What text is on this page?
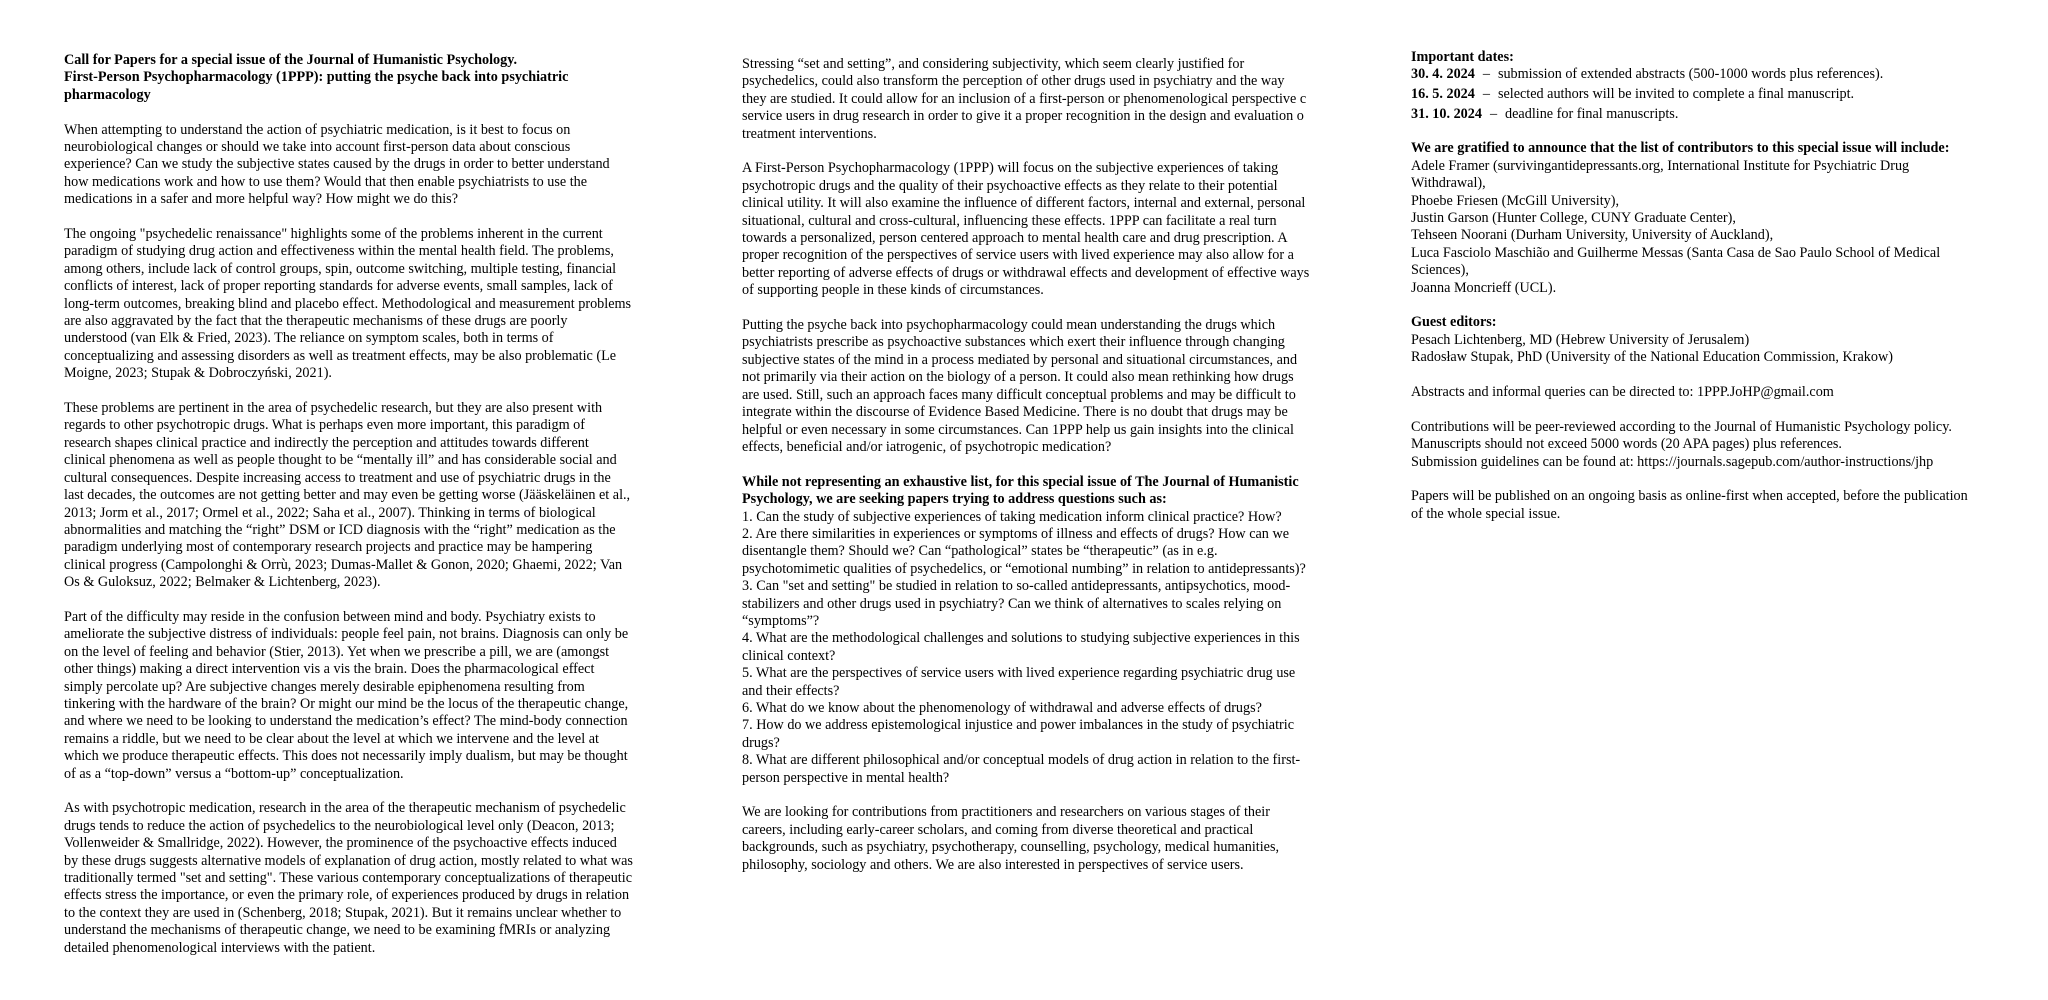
Call for Papers for a special issue of the Journal of Humanistic Psychology.

First-Person Psychopharmacology (1PPP): putting the psyche back into psychiatric
pharmacology

When attempting to understand the action of psychiatric medication, is it best to focus on
neurobiological changes or should we take into account first-person data about conscious
experience? Can we study the subjective states caused by the drugs in order to better understand
how medications work and how to use them? Would that then enable psychiatrists to use the
medications in a safer and more helpful way? How might we do this?

The ongoing "psychedelic renaissance" highlights some of the problems inherent in the current
paradigm of studying drug action and effectiveness within the mental health field. The problems,
among others, include lack of control groups, spin, outcome switching, multiple testing, financial
conflicts of interest, lack of proper reporting standards for adverse events, small samples, lack of
long-term outcomes, breaking blind and placebo effect. Methodological and measurement problems
are also aggravated by the fact that the therapeutic mechanisms of these drugs are poorly
understood (van Elk & Fried, 2023). The reliance on symptom scales, both in terms of
conceptualizing and assessing disorders as well as treatment effects, may be also problematic (Le
Moigne, 2023; Stupak & Dobroczyński, 2021).

These problems are pertinent in the area of psychedelic research, but they are also present with
regards to other psychotropic drugs. What is perhaps even more important, this paradigm of
research shapes clinical practice and indirectly the perception and attitudes towards different
clinical phenomena as well as people thought to be “mentally ill” and has considerable social and
cultural consequences. Despite increasing access to treatment and use of psychiatric drugs in the
last decades, the outcomes are not getting better and may even be getting worse (Jääskeläinen et al.,
2013; Jorm et al., 2017; Ormel et al., 2022; Saha et al., 2007). Thinking in terms of biological
abnormalities and matching the “right” DSM or ICD diagnosis with the “right” medication as the
paradigm underlying most of contemporary research projects and practice may be hampering
clinical progress (Campolonghi & Orrù, 2023; Dumas-Mallet & Gonon, 2020; Ghaemi, 2022; Van
Os & Guloksuz, 2022; Belmaker & Lichtenberg, 2023).

Part of the difficulty may reside in the confusion between mind and body. Psychiatry exists to
ameliorate the subjective distress of individuals: people feel pain, not brains. Diagnosis can only be
on the level of feeling and behavior (Stier, 2013). Yet when we prescribe a pill, we are (amongst
other things) making a direct intervention vis a vis the brain. Does the pharmacological effect
simply percolate up? Are subjective changes merely desirable epiphenomena resulting from
tinkering with the hardware of the brain? Or might our mind be the locus of the therapeutic change,
and where we need to be looking to understand the medication’s effect? The mind-body connection
remains a riddle, but we need to be clear about the level at which we intervene and the level at
which we produce therapeutic effects. This does not necessarily imply dualism, but may be thought
of as a “top-down” versus a “bottom-up” conceptualization.

As with psychotropic medication, research in the area of the therapeutic mechanism of psychedelic
drugs tends to reduce the action of psychedelics to the neurobiological level only (Deacon, 2013;
Vollenweider & Smallridge, 2022). However, the prominence of the psychoactive effects induced
by these drugs suggests alternative models of explanation of drug action, mostly related to what was
traditionally termed "set and setting". These various contemporary conceptualizations of therapeutic
effects stress the importance, or even the primary role, of experiences produced by drugs in relation
to the context they are used in (Schenberg, 2018; Stupak, 2021). But it remains unclear whether to
understand the mechanisms of therapeutic change, we need to be examining fMRIs or analyzing
detailed phenomenological interviews with the patient.

Stressing “set and setting”, and considering subjectivity, which seem clearly justified for
psychedelics, could also transform the perception of other drugs used in psychiatry and the way
they are studied. It could allow for an inclusion of a first-person or phenomenological perspective c
service users in drug research in order to give it a proper recognition in the design and evaluation o
treatment interventions.

A First-Person Psychopharmacology (1PPP) will focus on the subjective experiences of taking
psychotropic drugs and the quality of their psychoactive effects as they relate to their potential
clinical utility. It will also examine the influence of different factors, internal and external, personal
situational, cultural and cross-cultural, influencing these effects. 1PPP can facilitate a real turn
towards a personalized, person centered approach to mental health care and drug prescription. A
proper recognition of the perspectives of service users with lived experience may also allow for a
better reporting of adverse effects of drugs or withdrawal effects and development of effective ways
of supporting people in these kinds of circumstances.

Putting the psyche back into psychopharmacology could mean understanding the drugs which
psychiatrists prescribe as psychoactive substances which exert their influence through changing
subjective states of the mind in a process mediated by personal and situational circumstances, and
not primarily via their action on the biology of a person. It could also mean rethinking how drugs
are used. Still, such an approach faces many difficult conceptual problems and may be difficult to
integrate within the discourse of Evidence Based Medicine. There is no doubt that drugs may be
helpful or even necessary in some circumstances. Can 1PPP help us gain insights into the clinical
effects, beneficial and/or iatrogenic, of psychotropic medication?

While not representing an exhaustive list, for this special issue of The Journal of Humanistic
Psychology, we are seeking papers trying to address questions such as:

1. Can the study of subjective experiences of taking medication inform clinical practice? How?

2. Are there similarities in experiences or symptoms of illness and effects of drugs? How can we
disentangle them? Should we? Can “pathological” states be “therapeutic” (as in e.g.
psychotomimetic qualities of psychedelics, or “emotional numbing” in relation to antidepressants)?

3. Can "set and setting" be studied in relation to so-called antidepressants, antipsychotics, mood-
stabilizers and other drugs used in psychiatry? Can we think of alternatives to scales relying on
“symptoms”?

4. What are the methodological challenges and solutions to studying subjective experiences in this
clinical context?

5. What are the perspectives of service users with lived experience regarding psychiatric drug use
and their effects?

6. What do we know about the phenomenology of withdrawal and adverse effects of drugs?

7. How do we address epistemological injustice and power imbalances in the study of psychiatric
drugs?

8. What are different philosophical and/or conceptual models of drug action in relation to the first-
person perspective in mental health?

We are looking for contributions from practitioners and researchers on various stages of their
careers, including early-career scholars, and coming from diverse theoretical and practical
backgrounds, such as psychiatry, psychotherapy, counselling, psychology, medical humanities,
philosophy, sociology and others. We are also interested in perspectives of service users.

Important dates:

30. 4. 2024 – submission of extended abstracts (500-1000 words plus references).

16. 5. 2024 – selected authors will be invited to complete a final manuscript.

31. 10. 2024 – deadline for final manuscripts.

We are gratified to announce that the list of contributors to this special issue will include:

Adele Framer (survivingantidepressants.org, International Institute for Psychiatric Drug
Withdrawal),
Phoebe Friesen (McGill University),
Justin Garson (Hunter College, CUNY Graduate Center),
Tehseen Noorani (Durham University, University of Auckland),
Luca Fasciolo Maschião and Guilherme Messas (Santa Casa de Sao Paulo School of Medical
Sciences),
Joanna Moncrieff (UCL).

Guest editors:

Pesach Lichtenberg, MD (Hebrew University of Jerusalem)
Radosław Stupak, PhD (University of the National Education Commission, Krakow)

Abstracts and informal queries can be directed to: 1PPP.JoHP@gmail.com

Contributions will be peer-reviewed according to the Journal of Humanistic Psychology policy.
Manuscripts should not exceed 5000 words (20 APA pages) plus references.
Submission guidelines can be found at: https://journals.sagepub.com/author-instructions/jhp

Papers will be published on an ongoing basis as online-first when accepted, before the publication
of the whole special issue.
